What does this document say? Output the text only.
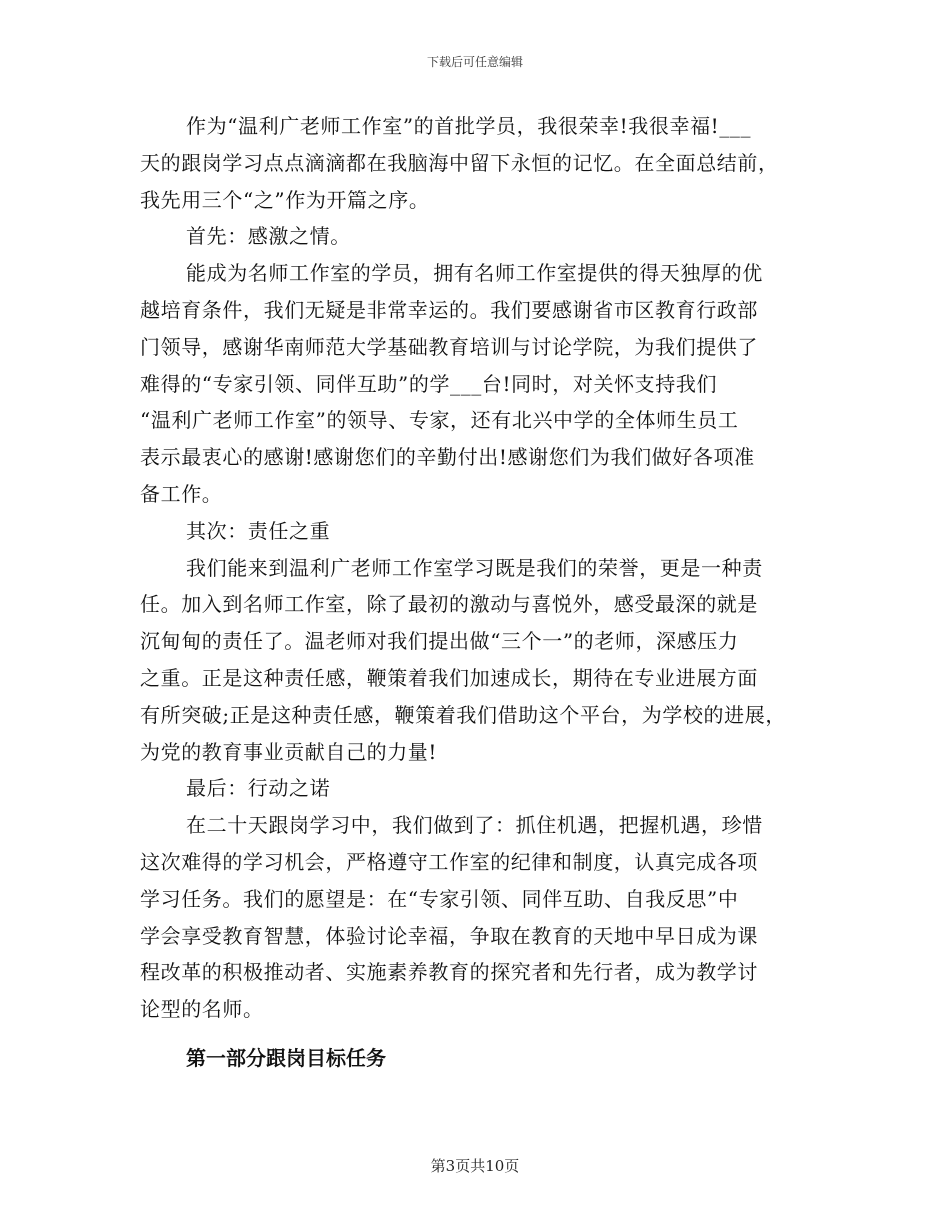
下载后可任意编辑
作为“温利广老师工作室”的首批学员，我很荣幸!我很幸福!___
天的跟岗学习点点滴滴都在我脑海中留下永恒的记忆。在全面总结前，
我先用三个“之”作为开篇之序。
首先：感激之情。
能成为名师工作室的学员，拥有名师工作室提供的得天独厚的优
越培育条件，我们无疑是非常幸运的。我们要感谢省市区教育行政部
门领导，感谢华南师范大学基础教育培训与讨论学院，为我们提供了
难得的“专家引领、同伴互助”的学___台!同时，对关怀支持我们
“温利广老师工作室”的领导、专家，还有北兴中学的全体师生员工
表示最衷心的感谢!感谢您们的辛勤付出!感谢您们为我们做好各项准
备工作。
其次：责任之重
我们能来到温利广老师工作室学习既是我们的荣誉，更是一种责
任。加入到名师工作室，除了最初的激动与喜悦外，感受最深的就是
沉甸甸的责任了。温老师对我们提出做“三个一”的老师，深感压力
之重。正是这种责任感，鞭策着我们加速成长，期待在专业进展方面
有所突破;正是这种责任感，鞭策着我们借助这个平台，为学校的进展，
为党的教育事业贡献自己的力量!
最后：行动之诺
在二十天跟岗学习中，我们做到了：抓住机遇，把握机遇，珍惜
这次难得的学习机会，严格遵守工作室的纪律和制度，认真完成各项
学习任务。我们的愿望是：在“专家引领、同伴互助、自我反思”中
学会享受教育智慧，体验讨论幸福，争取在教育的天地中早日成为课
程改革的积极推动者、实施素养教育的探究者和先行者，成为教学讨
论型的名师。
第一部分跟岗目标任务
第3页共10页
